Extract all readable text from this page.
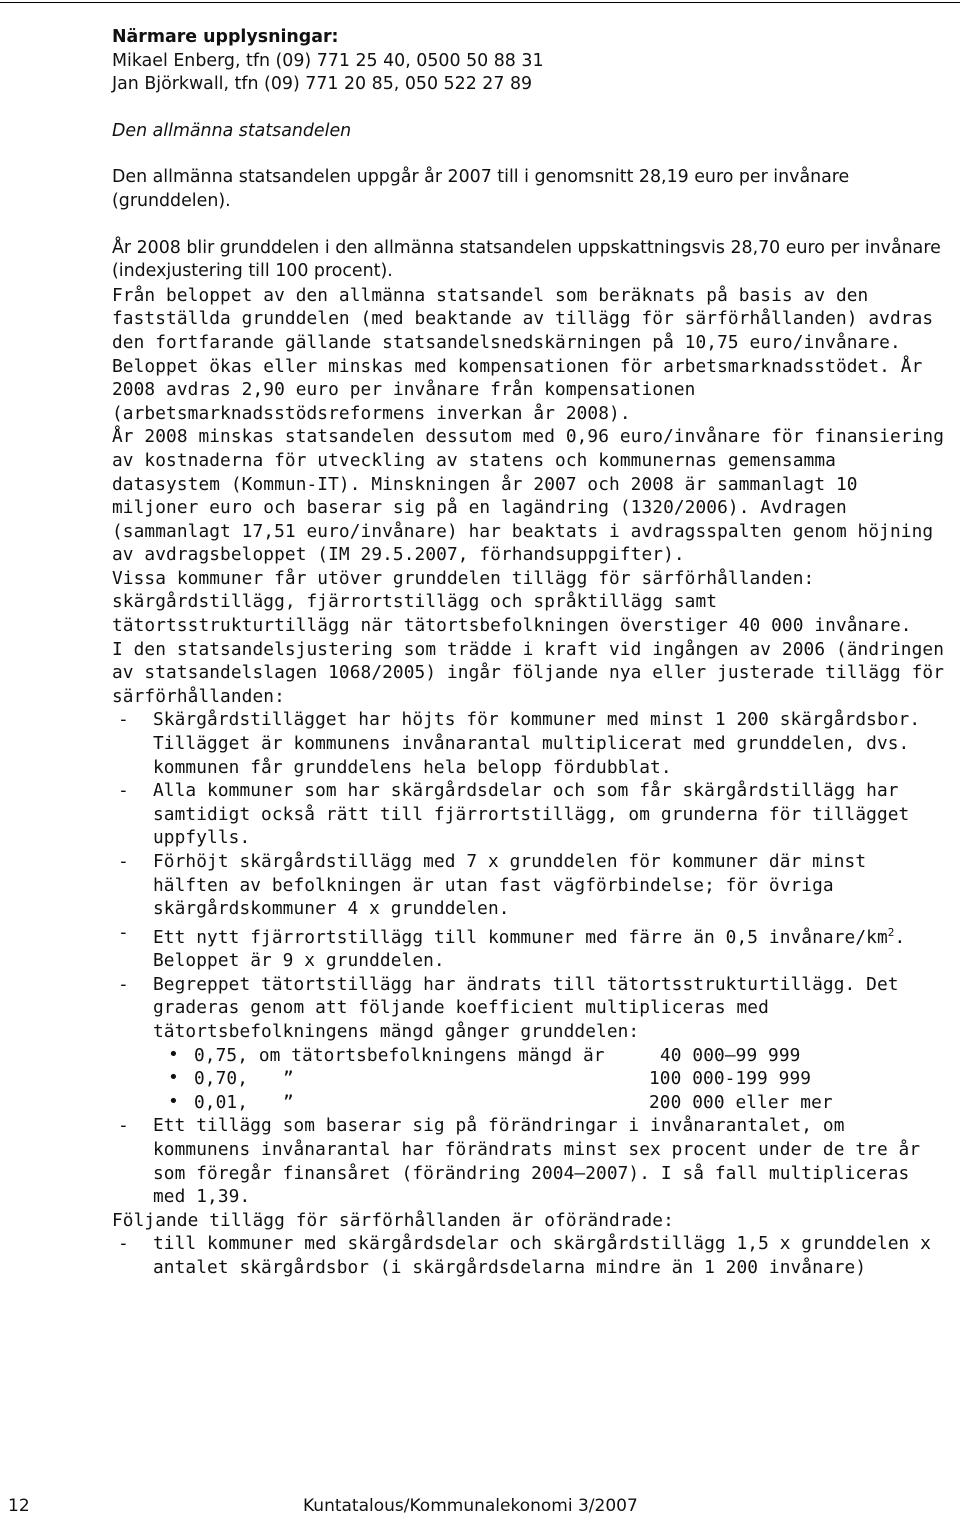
Närmare upplysningar:

Mikael Enberg, tfn (09) 771 25 40, 0500 50 88 31

Jan Björkwall, tfn (09) 771 20 85, 050 522 27 89

Den allmänna statsandelen

Den allmänna statsandelen uppgår år 2007 till i genomsnitt 28,19 euro per invånare (grunddelen).

År 2008 blir grunddelen i den allmänna statsandelen uppskattningsvis 28,70 euro per invånare (indexjustering till 100 procent).

Från beloppet av den allmänna statsandel som beräknats på basis av den fastställda grunddelen (med beaktande av tillägg för särförhållanden) avdras den fortfarande gällande statsandelsnedskärningen på 10,75 euro/invånare.

Beloppet ökas eller minskas med kompensationen för arbetsmarknadsstödet. År 2008 avdras 2,90 euro per invånare från kompensationen (arbetsmarknadsstödsreformens inverkan år 2008).

År 2008 minskas statsandelen dessutom med 0,96 euro/invånare för finansiering av kostnaderna för utveckling av statens och kommunernas gemensamma datasystem (Kommun-IT). Minskningen år 2007 och 2008 är sammanlagt 10 miljoner euro och baserar sig på en lagändring (1320/2006). Avdragen (sammanlagt 17,51 euro/invånare) har beaktats i avdragsspalten genom höjning av avdragsbeloppet (IM 29.5.2007, förhandsuppgifter).

Vissa kommuner får utöver grunddelen tillägg för särförhållanden: skärgårdstillägg, fjärrortstillägg och språktillägg samt tätortsstrukturtillägg när tätortsbefolkningen överstiger 40 000 invånare.

I den statsandelsjustering som trädde i kraft vid ingången av 2006 (ändringen av statsandelslagen 1068/2005) ingår följande nya eller justerade tillägg för särförhållanden:

- Skärgårdstillägget har höjts för kommuner med minst 1 200 skärgårdsbor. Tillägget är kommunens invånarantal multiplicerat med grunddelen, dvs. kommunen får grunddelens hela belopp fördubblat.
- Alla kommuner som har skärgårdsdelar och som får skärgårdstillägg har samtidigt också rätt till fjärrortstillägg, om grunderna för tillägget uppfylls.
- Förhöjt skärgårdstillägg med 7 x grunddelen för kommuner där minst hälften av befolkningen är utan fast vägförbindelse; för övriga skärgårdskommuner 4 x grunddelen.
- Ett nytt fjärrortstillägg till kommuner med färre än 0,5 invånare/$km^2$. Beloppet är 9 x grunddelen.
- Begreppet tätortstillägg har ändrats till tätortsstrukturtillägg. Det graderas genom att följande koefficient multipliceras med tätortsbefolkningens mängd gånger grunddelen:
• 0,75, om tätortsbefolkningens mängd är	40 000–99 999
• 0,70, ”	100 000-199 999
• 0,01, ”	200 000 eller mer
- Ett tillägg som baserar sig på förändringar i invånarantalet, om kommunens invånarantal har förändrats minst sex procent under de tre år som föregår finansåret (förändring 2004–2007). I så fall multipliceras med 1,39.

Följande tillägg för särförhållanden är oförändrade:

- till kommuner med skärgårdsdelar och skärgårdstillägg 1,5 x grunddelen x antalet skärgårdsbor (i skärgårdsdelarna mindre än 1 200 invånare)
12	Kuntatalous/Kommunalekonomi 3/2007
